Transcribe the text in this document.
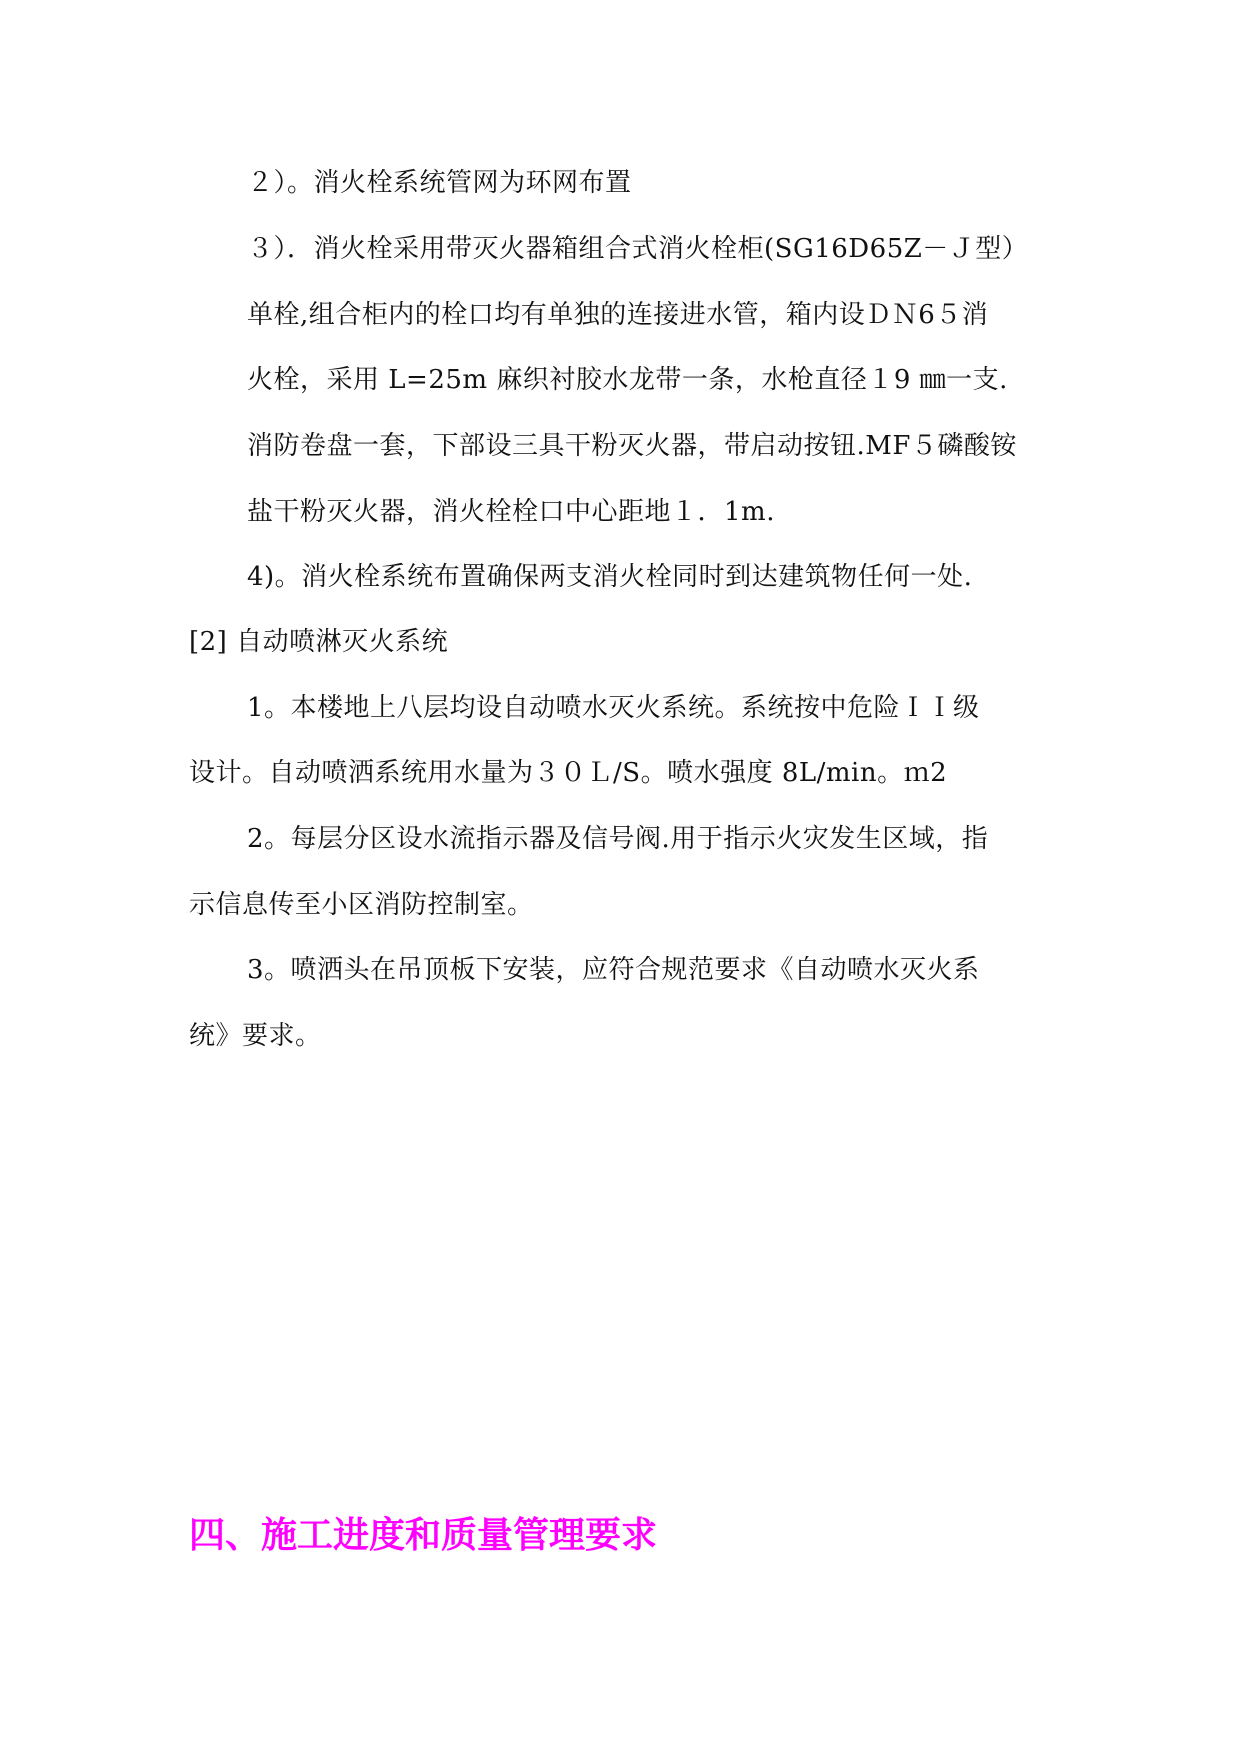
２）。消火栓系统管网为环网布置
３）．消火栓采用带灭火器箱组合式消火栓柜(SG16D65Z－Ｊ型）
单栓,组合柜内的栓口均有单独的连接进水管，箱内设ＤＮ6５消
火栓，采用 L=25m 麻织衬胶水龙带一条，水枪直径１9 ㎜一支.
消防卷盘一套，下部设三具干粉灭火器，带启动按钮.MF５磷酸铵
盐干粉灭火器，消火栓栓口中心距地１．1m.
4)。消火栓系统布置确保两支消火栓同时到达建筑物任何一处.
[2] 自动喷淋灭火系统
1。本楼地上八层均设自动喷水灭火系统。系统按中危险ＩＩ级
设计。自动喷洒系统用水量为３０Ｌ/S。喷水强度 8L/min。ｍ2
2。每层分区设水流指示器及信号阀.用于指示火灾发生区域，指
示信息传至小区消防控制室。
3。喷洒头在吊顶板下安装，应符合规范要求《自动喷水灭火系
统》要求。
四、施工进度和质量管理要求
